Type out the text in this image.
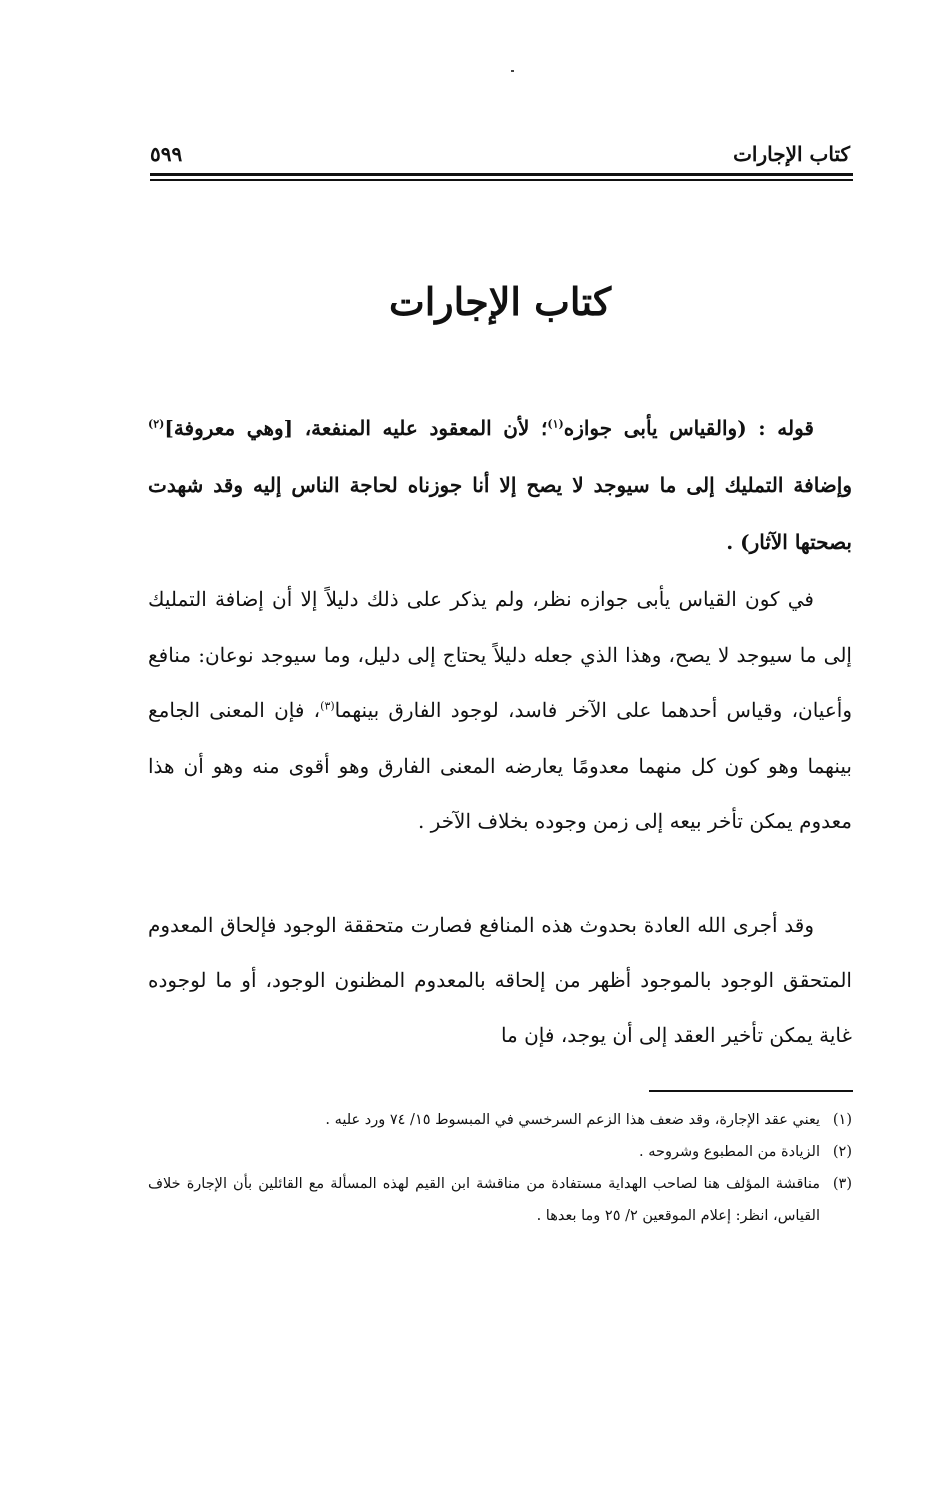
كتاب الإجارات
٥٩٩
كتاب الإجارات

قوله : (والقياس يأبى جوازه$^{(١)}$؛ لأن المعقود عليه المنفعة، [وهي معروفة]$^{(٢)}$ وإضافة التمليك إلى ما سيوجد لا يصح إلا أنا جوزناه لحاجة الناس إليه وقد شهدت بصحتها الآثار) .

في كون القياس يأبى جوازه نظر، ولم يذكر على ذلك دليلاً إلا أن إضافة التمليك إلى ما سيوجد لا يصح، وهذا الذي جعله دليلاً يحتاج إلى دليل، وما سيوجد نوعان: منافع وأعيان، وقياس أحدهما على الآخر فاسد، لوجود الفارق بينهما$^{(٣)}$، فإن المعنى الجامع بينهما وهو كون كل منهما معدومًا يعارضه المعنى الفارق وهو أقوى منه وهو أن هذا معدوم يمكن تأخر بيعه إلى زمن وجوده بخلاف الآخر .

وقد أجرى الله العادة بحدوث هذه المنافع فصارت متحققة الوجود فإلحاق المعدوم المتحقق الوجود بالموجود أظهر من إلحاقه بالمعدوم المظنون الوجود، أو ما لوجوده غاية يمكن تأخير العقد إلى أن يوجد، فإن ما

(١)
يعني عقد الإجارة، وقد ضعف هذا الزعم السرخسي في المبسوط ١٥/ ٧٤ ورد عليه .
(٢)
الزيادة من المطبوع وشروحه .
(٣)
مناقشة المؤلف هنا لصاحب الهداية مستفادة من مناقشة ابن القيم لهذه المسألة مع القائلين بأن الإجارة خلاف القياس، انظر: إعلام الموقعين ٢/ ٢٥ وما بعدها .
